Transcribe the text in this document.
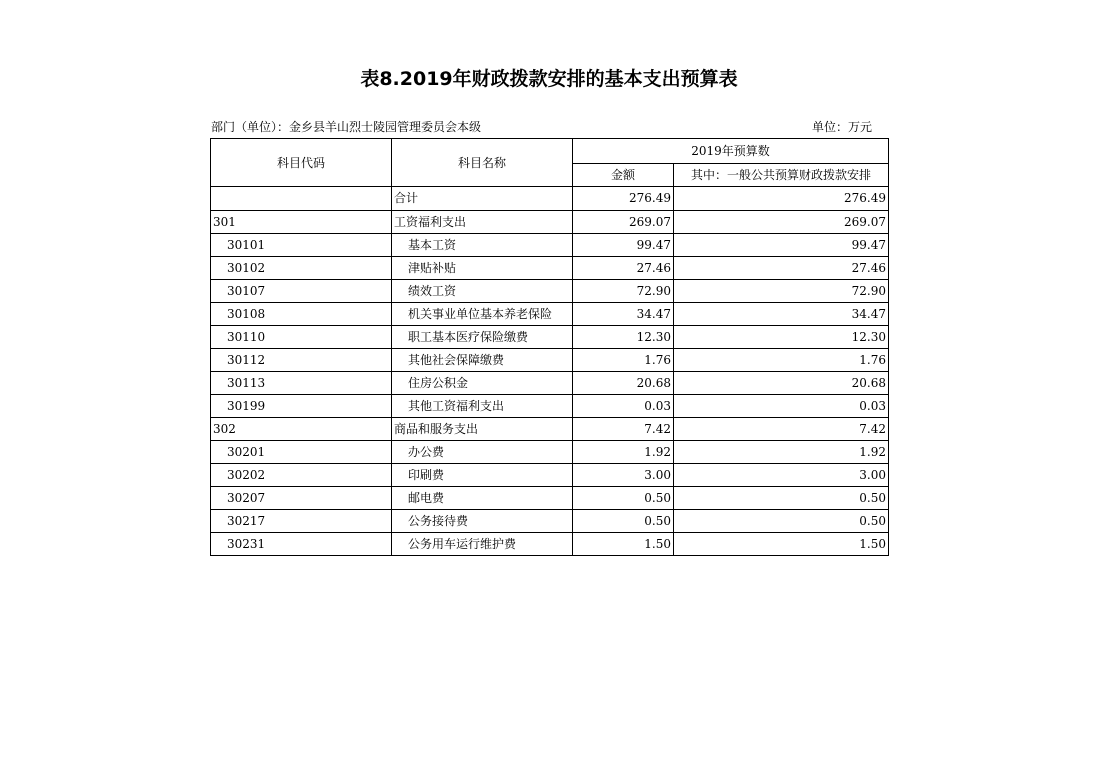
表8.2019年财政拨款安排的基本支出预算表
部门（单位）：金乡县羊山烈士陵园管理委员会本级	单位：万元
科目代码	科目名称	2019年预算数	
		金额	其中：一般公共预算财政拨款安排
	合计	276.49	276.49
301	工资福利支出	269.07	269.07
30101	基本工资	99.47	99.47
30102	津贴补贴	27.46	27.46
30107	绩效工资	72.90	72.90
30108	机关事业单位基本养老保险	34.47	34.47
30110	职工基本医疗保险缴费	12.30	12.30
30112	其他社会保障缴费	1.76	1.76
30113	住房公积金	20.68	20.68
30199	其他工资福利支出	0.03	0.03
302	商品和服务支出	7.42	7.42
30201	办公费	1.92	1.92
30202	印刷费	3.00	3.00
30207	邮电费	0.50	0.50
30217	公务接待费	0.50	0.50
30231	公务用车运行维护费	1.50	1.50
